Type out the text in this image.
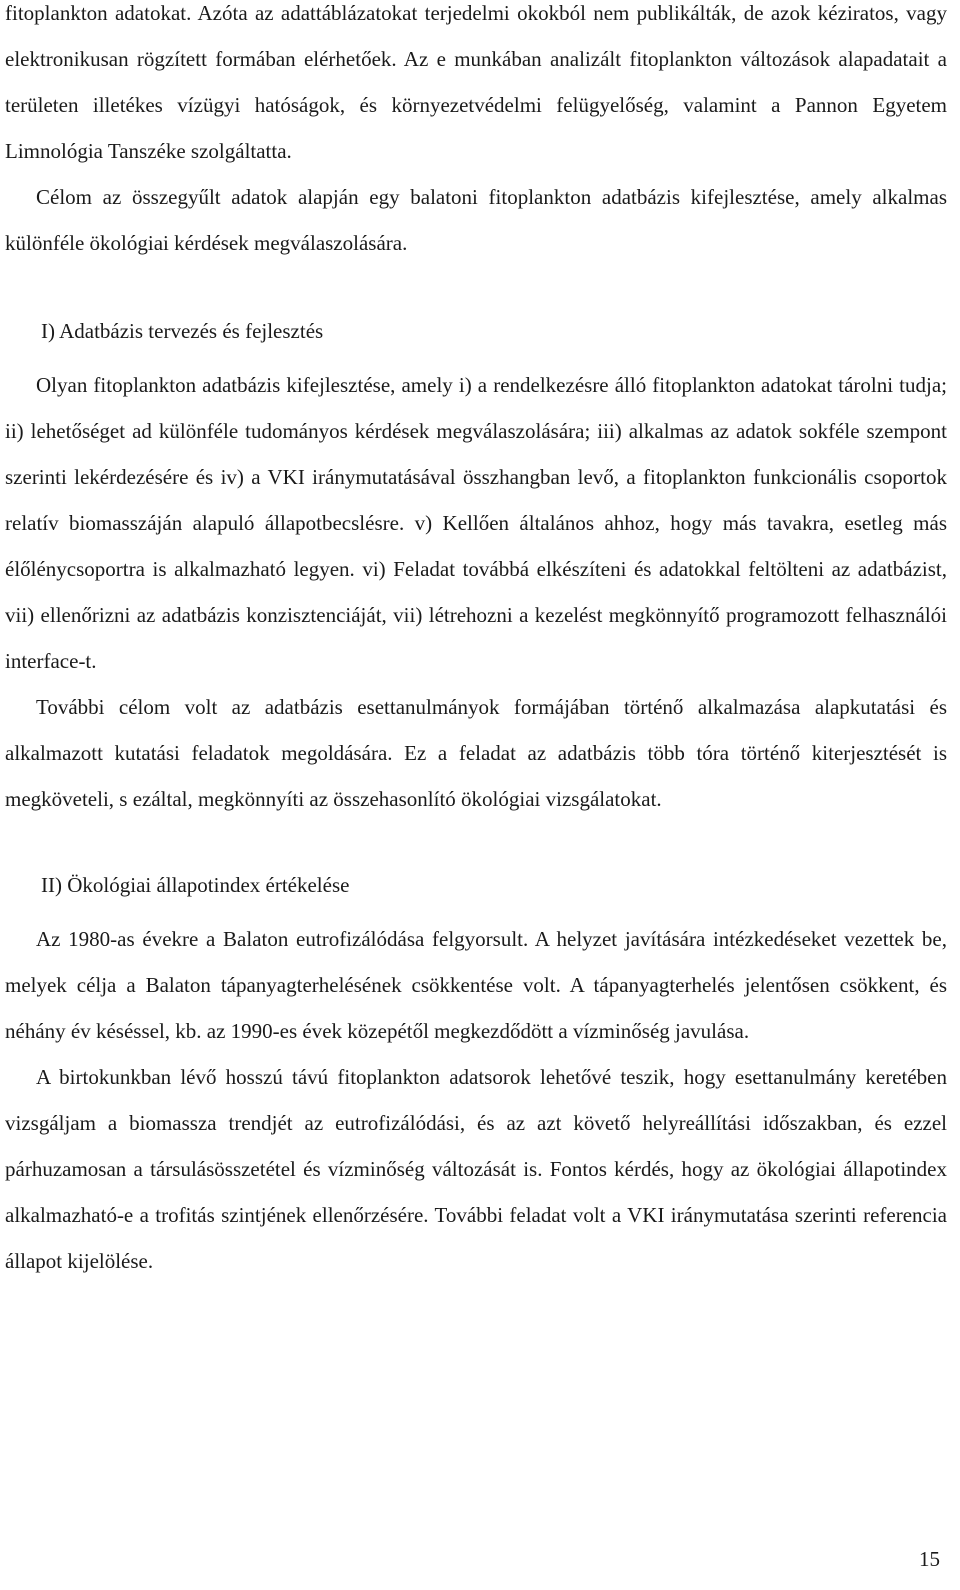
fitoplankton adatokat. Azóta az adattáblázatokat terjedelmi okokból nem publikálták, de azok kéziratos, vagy elektronikusan rögzített formában elérhetőek. Az e munkában analizált fitoplankton változások alapadatait a területen illetékes vízügyi hatóságok, és környezetvédelmi felügyelőség, valamint a Pannon Egyetem Limnológia Tanszéke szolgáltatta.

Célom az összegyűlt adatok alapján egy balatoni fitoplankton adatbázis kifejlesztése, amely alkalmas különféle ökológiai kérdések megválaszolására.

I) Adatbázis tervezés és fejlesztés

Olyan fitoplankton adatbázis kifejlesztése, amely i) a rendelkezésre álló fitoplankton adatokat tárolni tudja; ii) lehetőséget ad különféle tudományos kérdések megválaszolására; iii) alkalmas az adatok sokféle szempont szerinti lekérdezésére és iv) a VKI iránymutatásával összhangban levő, a fitoplankton funkcionális csoportok relatív biomasszáján alapuló állapotbecslésre. v) Kellően általános ahhoz, hogy más tavakra, esetleg más élőlénycsoportra is alkalmazható legyen. vi) Feladat továbbá elkészíteni és adatokkal feltölteni az adatbázist, vii) ellenőrizni az adatbázis konzisztenciáját, vii) létrehozni a kezelést megkönnyítő programozott felhasználói interface-t.

További célom volt az adatbázis esettanulmányok formájában történő alkalmazása alapkutatási és alkalmazott kutatási feladatok megoldására. Ez a feladat az adatbázis több tóra történő kiterjesztését is megköveteli, s ezáltal, megkönnyíti az összehasonlító ökológiai vizsgálatokat.

II) Ökológiai állapotindex értékelése

Az 1980-as évekre a Balaton eutrofizálódása felgyorsult. A helyzet javítására intézkedéseket vezettek be, melyek célja a Balaton tápanyagterhelésének csökkentése volt. A tápanyagterhelés jelentősen csökkent, és néhány év késéssel, kb. az 1990-es évek közepétől megkezdődött a vízminőség javulása.

A birtokunkban lévő hosszú távú fitoplankton adatsorok lehetővé teszik, hogy esettanulmány keretében vizsgáljam a biomassza trendjét az eutrofizálódási, és az azt követő helyreállítási időszakban, és ezzel párhuzamosan a társulásösszetétel és vízminőség változását is. Fontos kérdés, hogy az ökológiai állapotindex alkalmazható-e a trofitás szintjének ellenőrzésére. További feladat volt a VKI iránymutatása szerinti referencia állapot kijelölése.

15
